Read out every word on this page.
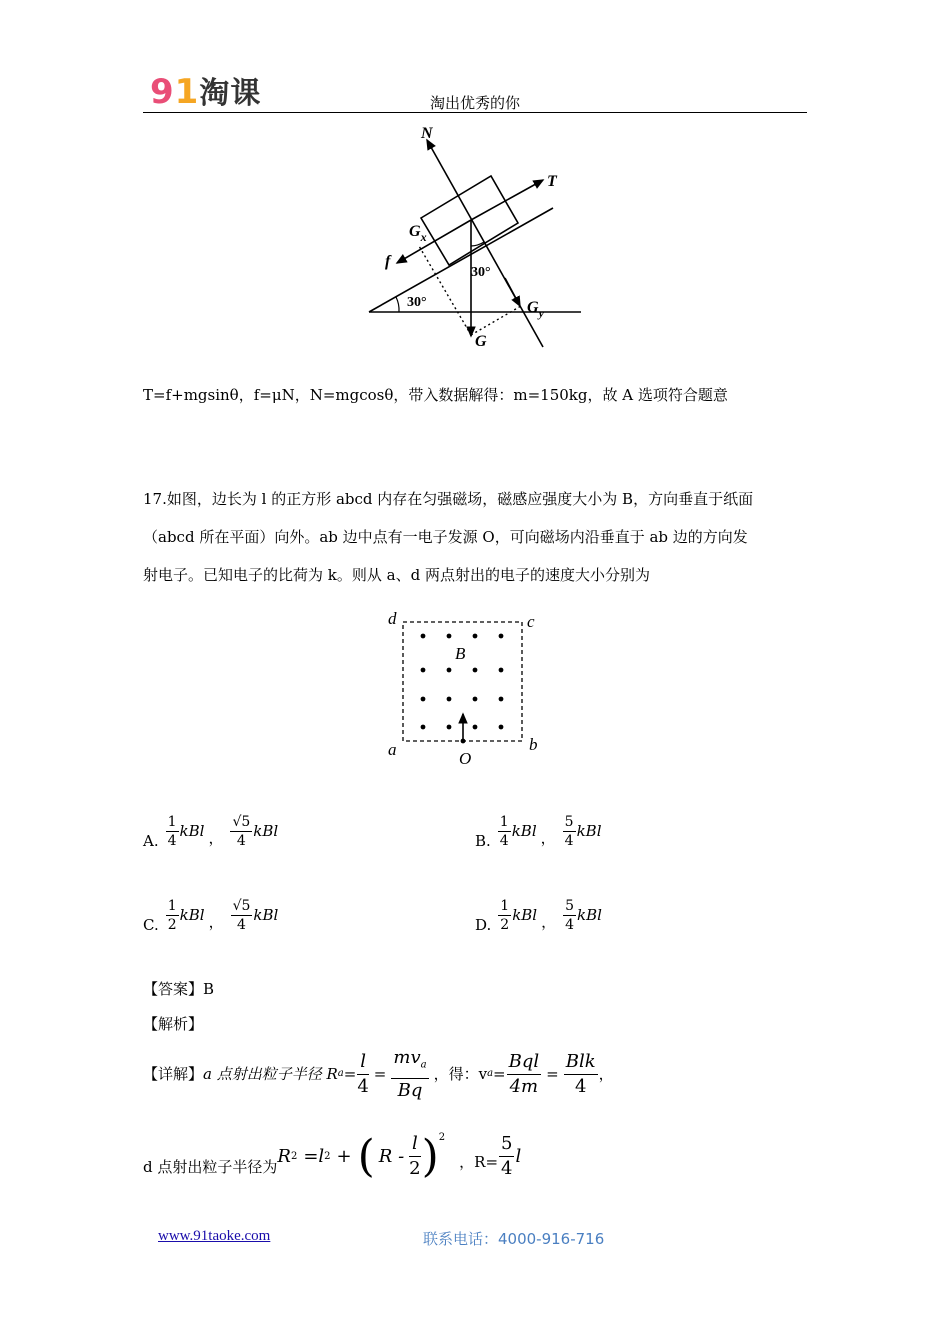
91淘课	淘出优秀的你
N
T
$G_x$
f
30°
30°	$G_y$
G
T=f+mgsinθ，f=μN，N=mgcosθ，带入数据解得：m=150kg，故 A 选项符合题意
17.如图，边长为 l 的正方形 abcd 内存在匀强磁场，磁感应强度大小为 B，方向垂直于纸面
（abcd 所在平面）向外。ab 边中点有一电子发源 O，可向磁场内沿垂直于 ab 边的方向发
射电子。已知电子的比荷为 k。则从 a、d 两点射出的电子的速度大小分别为
d	c
B
a	b
O
A. $\frac{1}{4}$ kBl ， $\frac{√5}{4}$ kBl
B. $\frac{1}{4}$ kBl ， $\frac{5}{4}$ kBl
C. $\frac{1}{2}$ kBl ， $\frac{√5}{4}$ kBl
D. $\frac{1}{2}$ kBl ， $\frac{5}{4}$ kBl
【答案】B
【解析】
【详解】 a 点射出粒子半径 R $a = \frac{l}{4} = \frac{mv_a}{Bq}$ ，得：v $a = \frac{\text{Bql}}{4m} = \frac{\text{Blk}}{4}$ ，
d 点射出粒子半径为 R 2 =l 2 + ( R - $\frac{l}{2} )^2$
，$R= \frac{5}{4}$ l
www.91taoke.com	联系电话：4000-916-716
